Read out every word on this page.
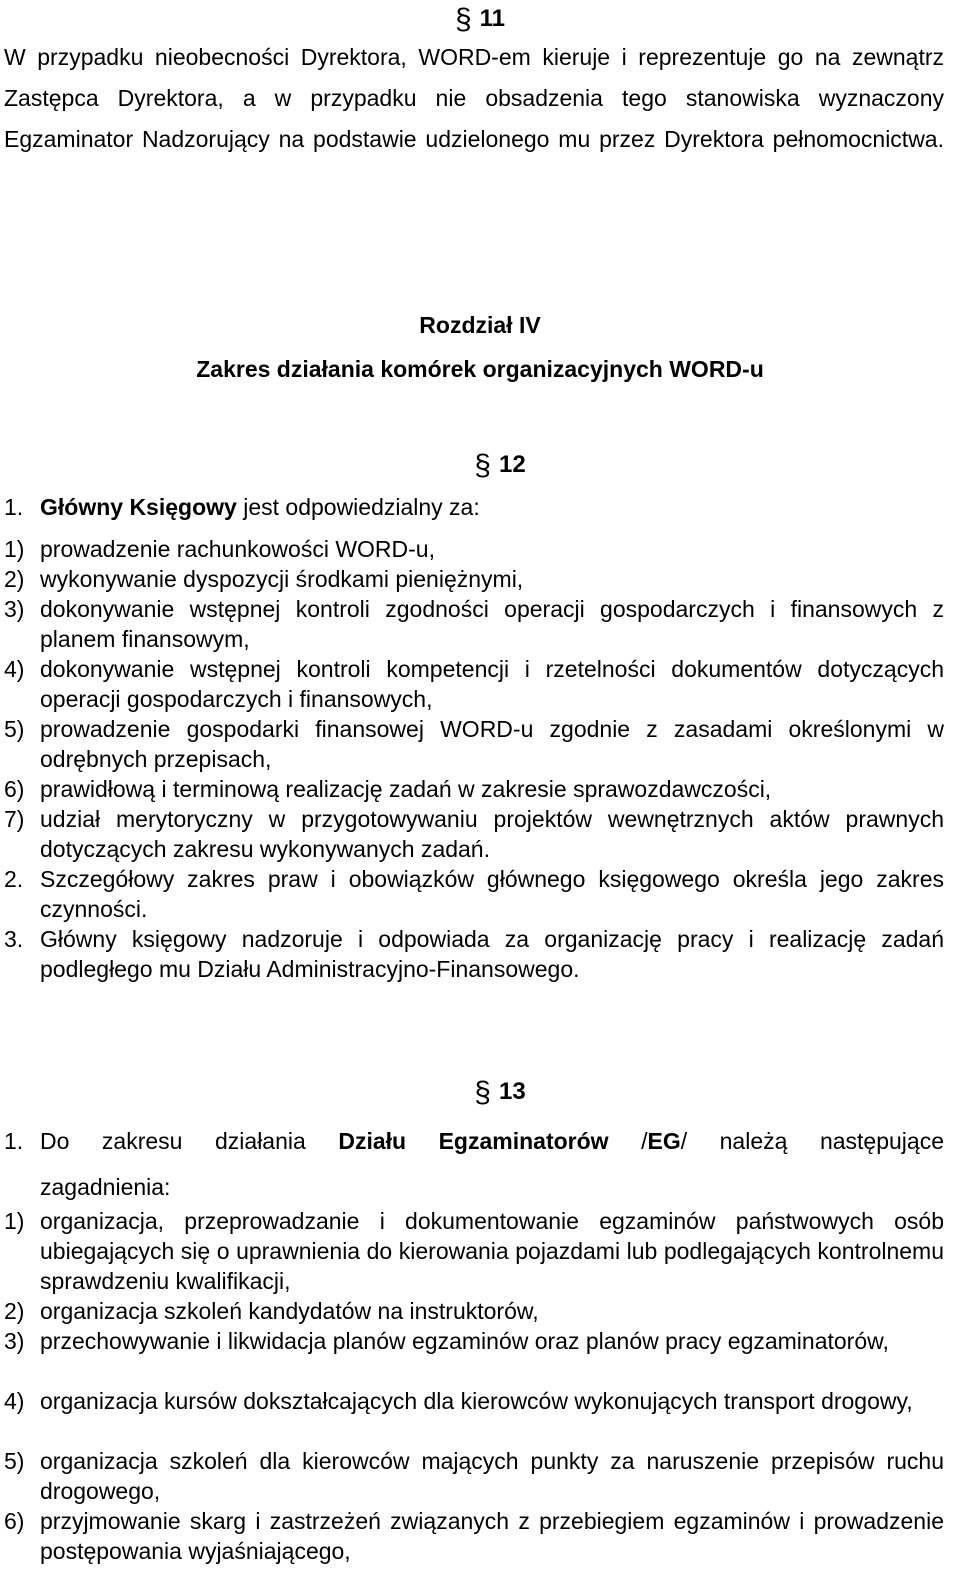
§ 11
W przypadku nieobecności Dyrektora, WORD-em kieruje i reprezentuje go na zewnątrz Zastępca Dyrektora, a w przypadku nie obsadzenia tego stanowiska wyznaczony Egzaminator Nadzorujący na podstawie udzielonego mu przez Dyrektora pełnomocnictwa.
Rozdział IV
Zakres działania komórek organizacyjnych WORD-u
§ 12
1. Główny Księgowy jest odpowiedzialny za:
1) prowadzenie rachunkowości WORD-u,
2) wykonywanie dyspozycji środkami pieniężnymi,
3) dokonywanie wstępnej kontroli zgodności operacji gospodarczych i finansowych z planem finansowym,
4) dokonywanie wstępnej kontroli kompetencji i rzetelności dokumentów dotyczących operacji gospodarczych i finansowych,
5) prowadzenie gospodarki finansowej WORD-u zgodnie z zasadami określonymi w odrębnych przepisach,
6) prawidłową i terminową realizację zadań w zakresie sprawozdawczości,
7) udział merytoryczny w przygotowywaniu projektów wewnętrznych aktów prawnych dotyczących zakresu wykonywanych zadań.
2. Szczegółowy zakres praw i obowiązków głównego księgowego określa jego zakres czynności.
3. Główny księgowy nadzoruje i odpowiada za organizację pracy i realizację zadań podległego mu Działu Administracyjno-Finansowego.
§ 13
1. Do zakresu działania Działu Egzaminatorów /EG/ należą następujące
zagadnienia:
1) organizacja, przeprowadzanie i dokumentowanie egzaminów państwowych osób ubiegających się o uprawnienia do kierowania pojazdami lub podlegających kontrolnemu sprawdzeniu kwalifikacji,
2) organizacja szkoleń kandydatów na instruktorów,
3) przechowywanie i likwidacja planów egzaminów oraz planów pracy egzaminatorów,
4) organizacja kursów dokształcających dla kierowców wykonujących transport drogowy,
5) organizacja szkoleń dla kierowców mających punkty za naruszenie przepisów ruchu drogowego,
6) przyjmowanie skarg i zastrzeżeń związanych z przebiegiem egzaminów i prowadzenie postępowania wyjaśniającego,
